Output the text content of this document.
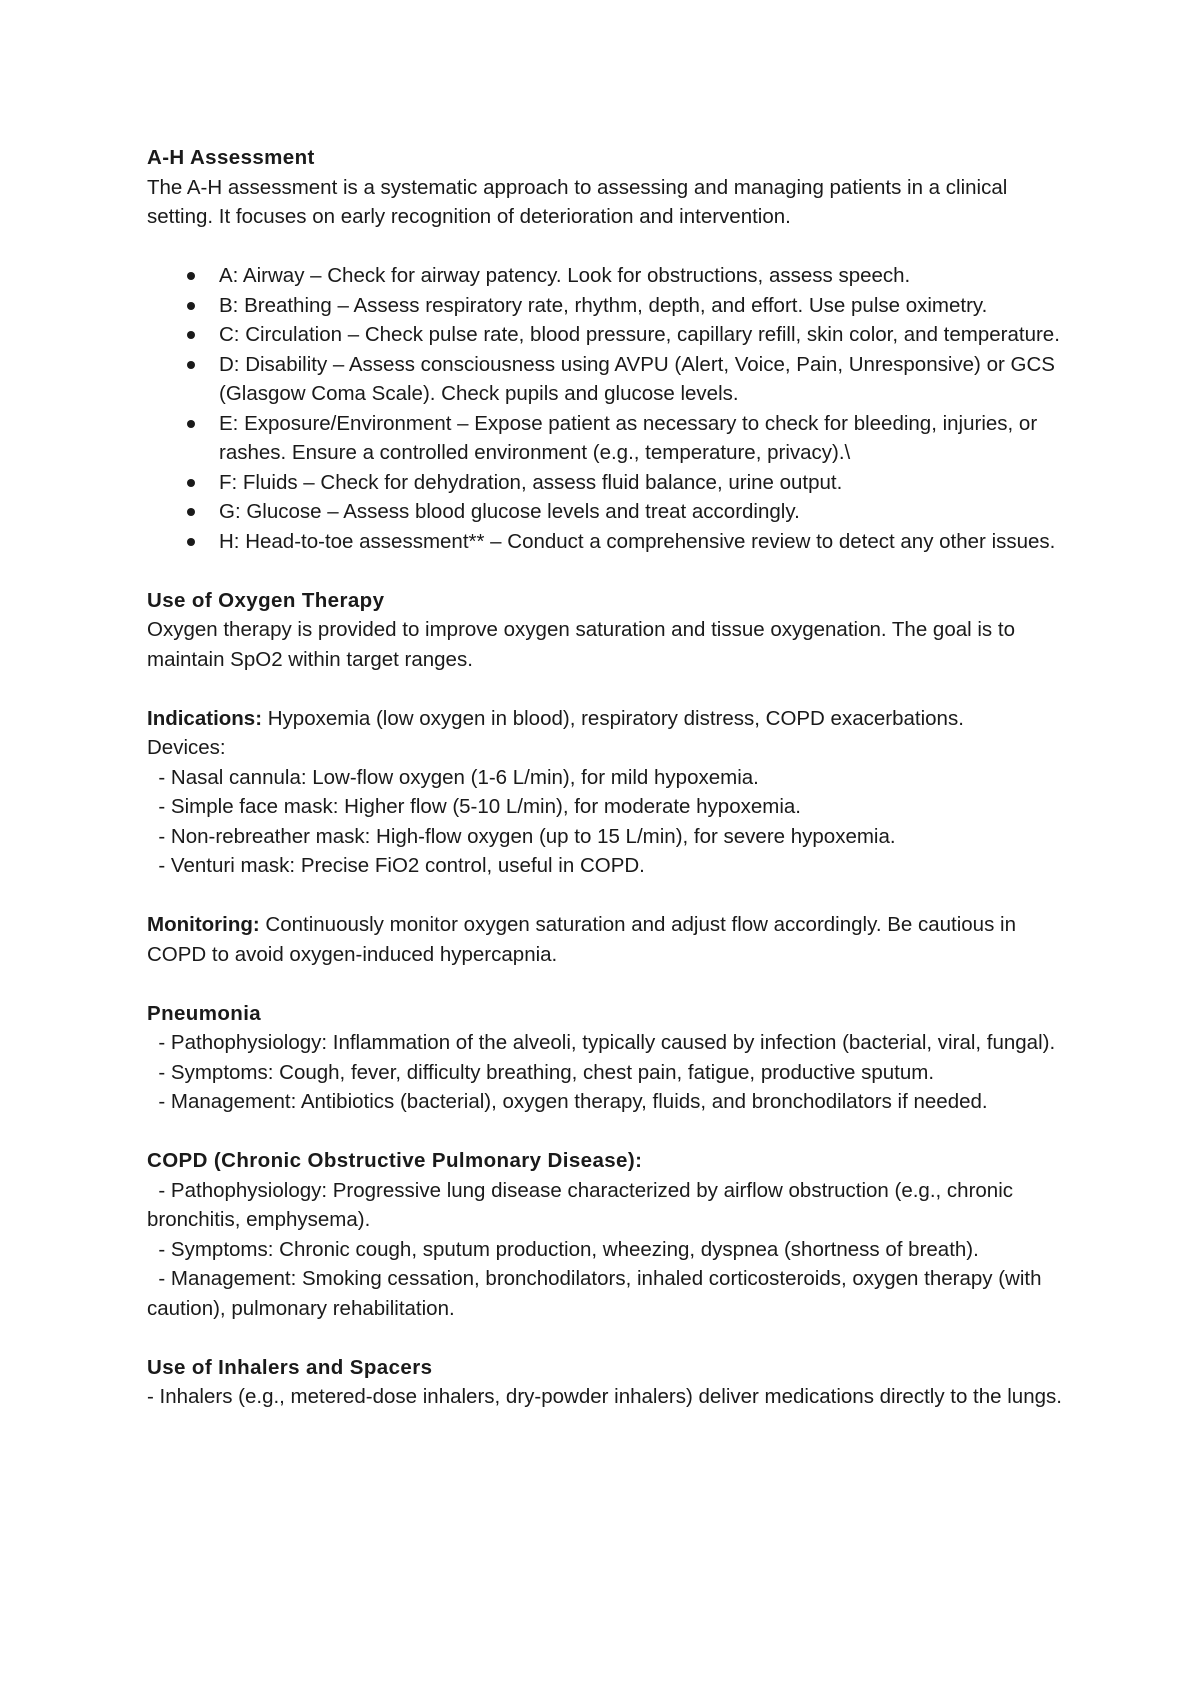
A-H Assessment

The A-H assessment is a systematic approach to assessing and managing patients in a clinical setting. It focuses on early recognition of deterioration and intervention.

A: Airway – Check for airway patency. Look for obstructions, assess speech.
B: Breathing – Assess respiratory rate, rhythm, depth, and effort. Use pulse oximetry.
C: Circulation – Check pulse rate, blood pressure, capillary refill, skin color, and temperature.
D: Disability – Assess consciousness using AVPU (Alert, Voice, Pain, Unresponsive) or GCS (Glasgow Coma Scale). Check pupils and glucose levels.
E: Exposure/Environment – Expose patient as necessary to check for bleeding, injuries, or rashes. Ensure a controlled environment (e.g., temperature, privacy).\
F: Fluids – Check for dehydration, assess fluid balance, urine output.
G: Glucose – Assess blood glucose levels and treat accordingly.
H: Head-to-toe assessment** – Conduct a comprehensive review to detect any other issues.

Use of Oxygen Therapy

Oxygen therapy is provided to improve oxygen saturation and tissue oxygenation. The goal is to maintain SpO2 within target ranges.

Indications: Hypoxemia (low oxygen in blood), respiratory distress, COPD exacerbations.

Devices:

- Nasal cannula: Low-flow oxygen (1-6 L/min), for mild hypoxemia.

- Simple face mask: Higher flow (5-10 L/min), for moderate hypoxemia.

- Non-rebreather mask: High-flow oxygen (up to 15 L/min), for severe hypoxemia.

- Venturi mask: Precise FiO2 control, useful in COPD.

Monitoring: Continuously monitor oxygen saturation and adjust flow accordingly. Be cautious in COPD to avoid oxygen-induced hypercapnia.

Pneumonia

- Pathophysiology: Inflammation of the alveoli, typically caused by infection (bacterial, viral, fungal).

- Symptoms: Cough, fever, difficulty breathing, chest pain, fatigue, productive sputum.

- Management: Antibiotics (bacterial), oxygen therapy, fluids, and bronchodilators if needed.

COPD (Chronic Obstructive Pulmonary Disease):

- Pathophysiology: Progressive lung disease characterized by airflow obstruction (e.g., chronic bronchitis, emphysema).

- Symptoms: Chronic cough, sputum production, wheezing, dyspnea (shortness of breath).

- Management: Smoking cessation, bronchodilators, inhaled corticosteroids, oxygen therapy (with caution), pulmonary rehabilitation.

Use of Inhalers and Spacers

- Inhalers (e.g., metered-dose inhalers, dry-powder inhalers) deliver medications directly to the lungs.
